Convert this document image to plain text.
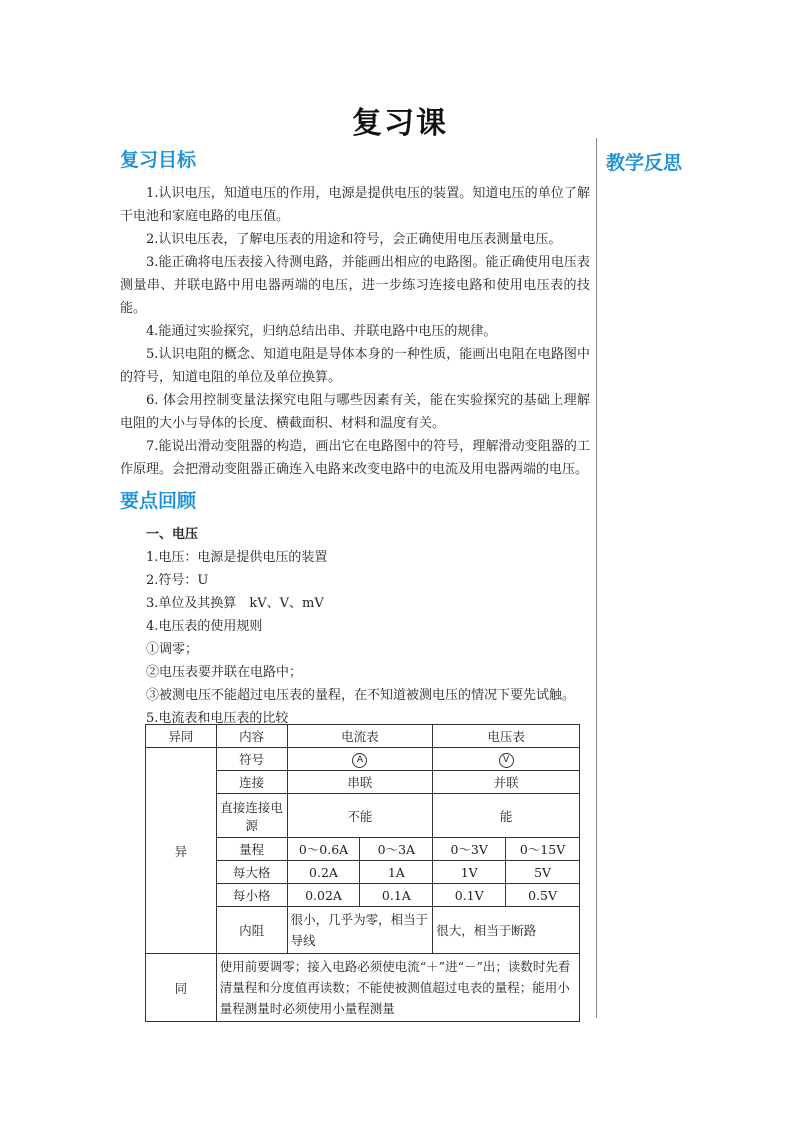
复习课
教学反思
复习目标

1.认识电压，知道电压的作用，电源是提供电压的装置。知道电压的单位了解干电池和家庭电路的电压值。

2.认识电压表，了解电压表的用途和符号，会正确使用电压表测量电压。

3.能正确将电压表接入待测电路，并能画出相应的电路图。能正确使用电压表测量串、并联电路中用电器两端的电压，进一步练习连接电路和使用电压表的技能。

4.能通过实验探究，归纳总结出串、并联电路中电压的规律。

5.认识电阻的概念、知道电阻是导体本身的一种性质，能画出电阻在电路图中的符号，知道电阻的单位及单位换算。

6. 体会用控制变量法探究电阻与哪些因素有关，能在实验探究的基础上理解电阻的大小与导体的长度、横截面积、材料和温度有关。

7.能说出滑动变阻器的构造，画出它在电路图中的符号，理解滑动变阻器的工作原理。会把滑动变阻器正确连入电路来改变电路中的电流及用电器两端的电压。

要点回顾

一、电压

1.电压：电源是提供电压的装置

2.符号：U

3.单位及其换算　kV、V、mV

4.电压表的使用规则

①调零；

②电压表要并联在电路中；

③被测电压不能超过电压表的量程，在不知道被测电压的情况下要先试触。

5.电流表和电压表的比较

异同	内容	电流表		电压表	
异	符号	A		V	
	连接	串联		并联	
	直接连接电源	不能		能	
	量程	0～0.6A	0～3A	0～3V	0～15V
	每大格	0.2A	1A	1V	5V
	每小格	0.02A	0.1A	0.1V	0.5V
	内阻	很小，几乎为零，相当于导线		很大，相当于断路	

同	使用前要调零；接入电路必须使电流“＋”进“－”出；读数时先看清量程和分度值再读数；不能使被测值超过电表的量程；能用小量程测量时必须使用小量程测量				
